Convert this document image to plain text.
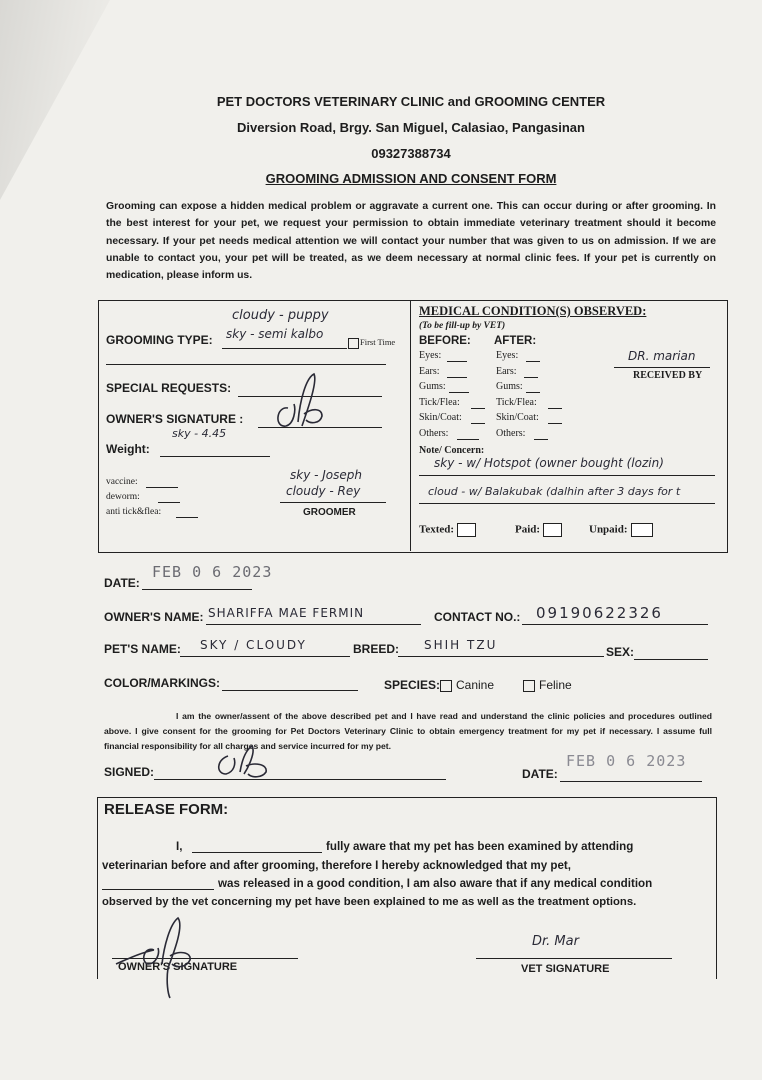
PET DOCTORS VETERINARY CLINIC and GROOMING CENTER
Diversion Road, Brgy. San Miguel, Calasiao, Pangasinan
09327388734
GROOMING ADMISSION AND CONSENT FORM
Grooming can expose a hidden medical problem or aggravate a current one. This can occur during or after grooming. In the best interest for your pet, we request your permission to obtain immediate veterinary treatment should it become necessary. If your pet needs medical attention we will contact your number that was given to us on admission. If we are unable to contact you, your pet will be treated, as we deem necessary at normal clinic fees. If your pet is currently on medication, please inform us.
cloudy - puppy
GROOMING TYPE: sky - semi kalbo
First Time
SPECIAL REQUESTS:
OWNER'S SIGNATURE :
sky - 4.45
Weight:
vaccine:
deworm:
anti tick&flea:
sky - Joseph
cloudy - Rey
GROOMER
MEDICAL CONDITION(S) OBSERVED:
(To be fill-up by VET)
BEFORE: AFTER:
Eyes:	Eyes:
Ears:	Ears:
Gums:	Gums:
Tick/Flea:	Tick/Flea:
Skin/Coat:	Skin/Coat:
Others:	Others:
DR. marian
RECEIVED BY
Note/ Concern:
sky - w/ Hotspot (owner bought (lozin)
cloud - w/ Balakubak (dalhin after 3 days for t
Texted:	Paid:	Unpaid:
DATE:
FEB 0 6 2023
OWNER'S NAME: SHARIFFA MAE FERMIN	CONTACT NO.: 09190622326
PET'S NAME: SKY / CLOUDY	BREED: SHIH TZU	SEX:
COLOR/MARKINGS:	SPECIES:	Canine	Feline
I am the owner/assent of the above described pet and I have read and understand the clinic policies and procedures outlined above. I give consent for the grooming for Pet Doctors Veterinary Clinic to obtain emergency treatment for my pet if necessary. I assume full financial responsibility for all charges and service incurred for my pet.
SIGNED:	DATE:
FEB 0 6 2023
RELEASE FORM:
I,	fully aware that my pet has been examined by attending
veterinarian before and after grooming, therefore I hereby acknowledged that my pet,
was released in a good condition, I am also aware that if any medical condition
observed by the vet concerning my pet have been explained to me as well as the treatment options.
OWNER'S SIGNATURE	VET SIGNATURE
Dr. Mar
